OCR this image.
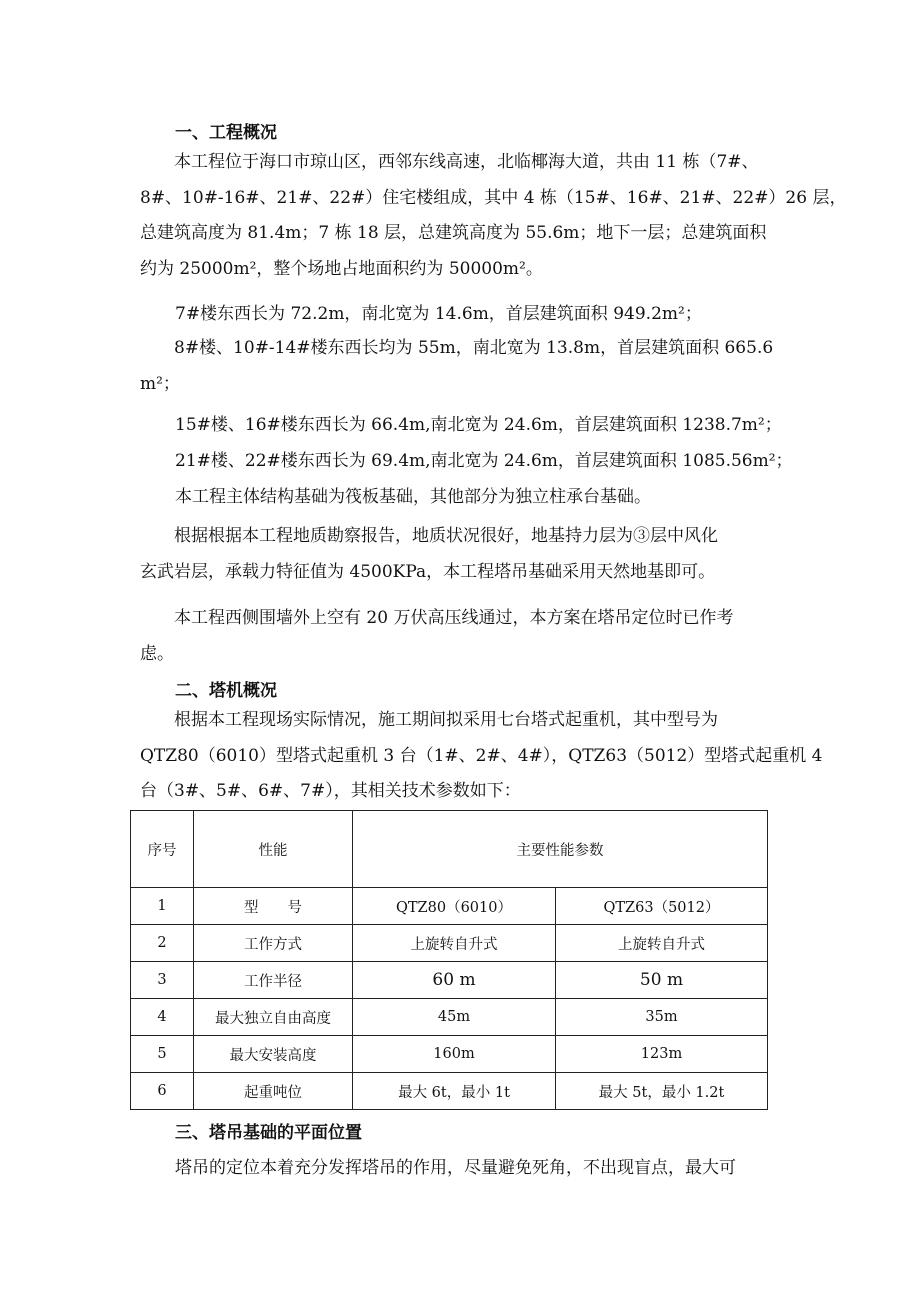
一、工程概况

本工程位于海口市琼山区，西邻东线高速，北临椰海大道，共由 11 栋（7#、

8#、10#-16#、21#、22#）住宅楼组成，其中 4 栋（15#、16#、21#、22#）26 层，

总建筑高度为 81.4m；7 栋 18 层，总建筑高度为 55.6m；地下一层；总建筑面积

约为 25000m²，整个场地占地面积约为 50000m²。

7#楼东西长为 72.2m，南北宽为 14.6m，首层建筑面积 949.2m²；

8#楼、10#-14#楼东西长均为 55m，南北宽为 13.8m，首层建筑面积 665.6

m²；

15#楼、16#楼东西长为 66.4m,南北宽为 24.6m，首层建筑面积 1238.7m²；
21#楼、22#楼东西长为 69.4m,南北宽为 24.6m，首层建筑面积 1085.56m²；
本工程主体结构基础为筏板基础，其他部分为独立柱承台基础。

根据根据本工程地质勘察报告，地质状况很好，地基持力层为③层中风化

玄武岩层，承载力特征值为 4500KPa，本工程塔吊基础采用天然地基即可。

本工程西侧围墙外上空有 20 万伏高压线通过，本方案在塔吊定位时已作考

虑。

二、塔机概况

根据本工程现场实际情况，施工期间拟采用七台塔式起重机，其中型号为

QTZ80（6010）型塔式起重机 3 台（1#、2#、4#），QTZ63（5012）型塔式起重机 4

台（3#、5#、6#、7#），其相关技术参数如下：

序号	性能	主要性能参数	
1	型　　号	QTZ80（6010）	QTZ63（5012）
2	工作方式	上旋转自升式	上旋转自升式
3	工作半径	60 m	50 m
4	最大独立自由高度	45m	35m
5	最大安装高度	160m	123m
6	起重吨位	最大 6t，最小 1t	最大 5t，最小 1.2t
三、塔吊基础的平面位置
塔吊的定位本着充分发挥塔吊的作用，尽量避免死角，不出现盲点，最大可
